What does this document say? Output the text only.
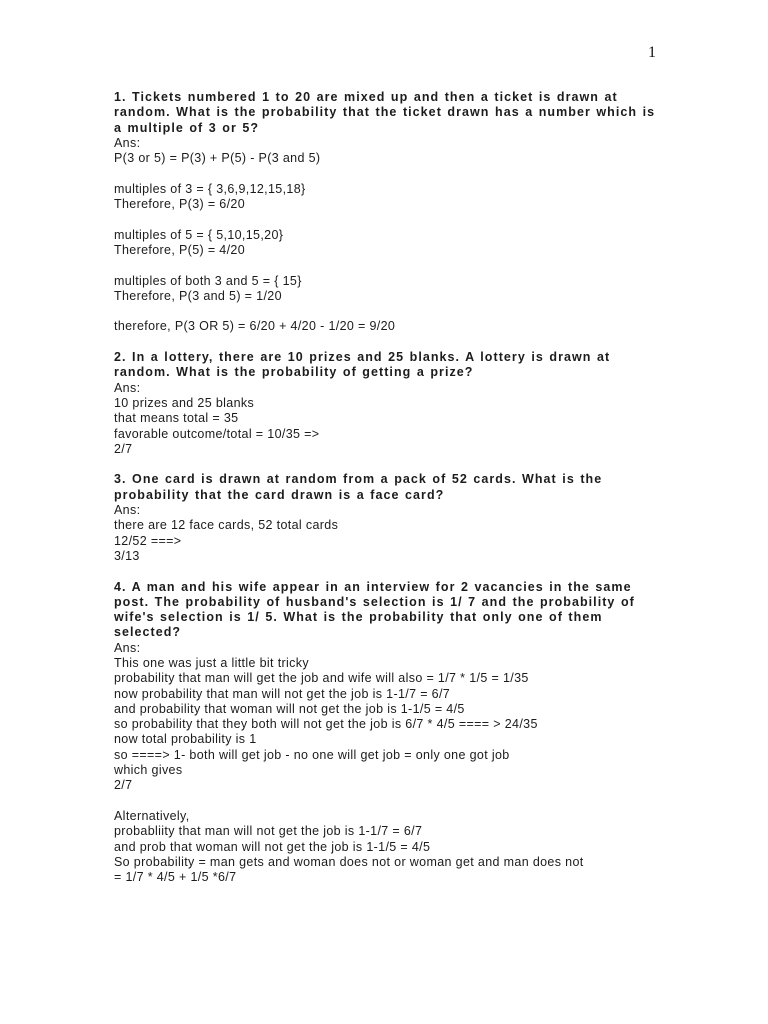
1

1. Tickets numbered 1 to 20 are mixed up and then a ticket is drawn at
random. What is the probability that the ticket drawn has a number which is
a multiple of 3 or 5?

Ans:
P(3 or 5) = P(3) + P(5) - P(3 and 5)
multiples of 3 = { 3,6,9,12,15,18}
Therefore, P(3) = 6/20
multiples of 5 = { 5,10,15,20}
Therefore, P(5) = 4/20
multiples of both 3 and 5 = { 15}
Therefore, P(3 and 5) = 1/20
therefore, P(3 OR 5) = 6/20 + 4/20 - 1/20 = 9/20

2. In a lottery, there are 10 prizes and 25 blanks. A lottery is drawn at
random. What is the probability of getting a prize?

Ans:
10 prizes and 25 blanks
that means total = 35
favorable outcome/total = 10/35 =>
2/7

3. One card is drawn at random from a pack of 52 cards. What is the
probability that the card drawn is a face card?

Ans:
there are 12 face cards, 52 total cards
12/52 ===>
3/13

4. A man and his wife appear in an interview for 2 vacancies in the same
post. The probability of husband's selection is 1/ 7 and the probability of
wife's selection is 1/ 5. What is the probability that only one of them
selected?

Ans:
This one was just a little bit tricky
probability that man will get the job and wife will also = 1/7 * 1/5 = 1/35
now probability that man will not get the job is 1-1/7 = 6/7
and probability that woman will not get the job is 1-1/5 = 4/5
so probability that they both will not get the job is 6/7 * 4/5 ==== > 24/35
now total probability is 1
so ====> 1- both will get job - no one will get job = only one got job
which gives
2/7
Alternatively,
probabliity that man will not get the job is 1-1/7 = 6/7
and prob that woman will not get the job is 1-1/5 = 4/5
So probability = man gets and woman does not or woman get and man does not
= 1/7 * 4/5 + 1/5 *6/7
